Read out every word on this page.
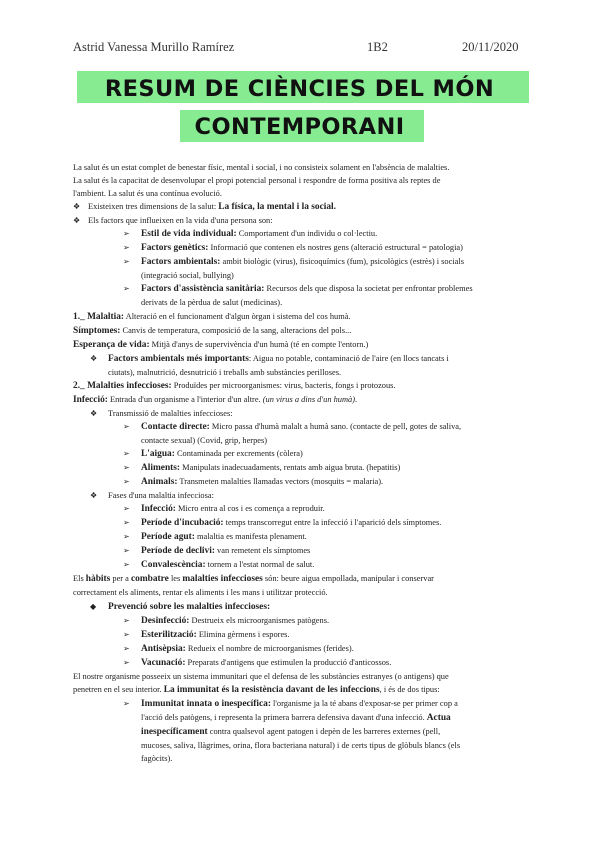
Astrid Vanessa Murillo Ramírez	1B2	20/11/2020
RESUM DE CIÈNCIES DEL MÓN
CONTEMPORANI
La salut és un estat complet de benestar físic, mental i social, i no consisteix solament en l'absència de malalties.
La salut és la capacitat de desenvolupar el propi potencial personal i respondre de forma positiva als reptes de
l'ambient. La salut és una contínua evolució.
❖ Existeixen tres dimensions de la salut: La física, la mental i la social.
❖ Els factors que influeixen en la vida d'una persona son:
➢ Estil de vida individual: Comportament d'un individu o col·lectiu.
➢ Factors genètics: Informació que contenen els nostres gens (alteració estructural = patologia)
➢ Factors ambientals: ambit biològic (virus), fisicoquímics (fum), psicològics (estrès) i socials
(integració social, bullying)
➢ Factors d'assistència sanitària: Recursos dels que disposa la societat per enfrontar problemes
derivats de la pèrdua de salut (medicinas).
1._ Malaltia: Alteració en el funcionament d'algun òrgan i sistema del cos humà.
Símptomes: Canvis de temperatura, composició de la sang, alteracions del pols...
Esperança de vida: Mitjà d'anys de supervivència d'un humà (té en compte l'entorn.)
❖ Factors ambientals més importants: Aigua no potable, contaminació de l'aire (en llocs tancats i
ciutats), malnutrició, desnutrició i treballs amb substàncies perilloses.
2._ Malalties infeccioses: Produïdes per microorganismes: virus, bacteris, fongs i protozous.
Infecció: Entrada d'un organisme a l'interior d'un altre. (un virus a dins d'un humà).
❖ Transmissió de malalties infeccioses:
➢ Contacte directe: Micro passa d'humà malalt a humà sano. (contacte de pell, gotes de saliva,
contacte sexual) (Covid, grip, herpes)
➢ L'aigua: Contaminada per excrements (còlera)
➢ Aliments: Manipulats inadecuadaments, rentats amb aigua bruta. (hepatitis)
➢ Animals: Transmeten malalties llamadas vectors (mosquits = malaria).
❖ Fases d'una malaltia infecciosa:
➢ Infecció: Micro entra al cos i es comença a reproduir.
➢ Període d'incubació: temps transcorregut entre la infecció i l'aparició dels símptomes.
➢ Període agut: malaltia es manifesta plenament.
➢ Període de declivi: van remetent els símptomes
➢ Convalescència: tornem a l'estat normal de salut.
Els hàbits per a combatre les malalties infeccioses són: beure aigua empollada, manipular i conservar
correctament els aliments, rentar els aliments i les mans i utilitzar protecció.
◆ Prevenció sobre les malalties infeccioses:
➢ Desinfecció: Destrueix els microorganismes patògens.
➢ Esterilització: Elimina gèrmens i espores.
➢ Antisèpsia: Redueix el nombre de microorganismes (ferides).
➢ Vacunació: Preparats d'antigens que estimulen la producció d'anticossos.
El nostre organisme posseeix un sistema immunitari que el defensa de les substàncies estranyes (o antigens) que
penetren en el seu interior. La immunitat és la resistència davant de les infeccions, i és de dos tipus:
➢ Immunitat innata o inespecífica: l'organisme ja la té abans d'exposar-se per primer cop a
l'acció dels patògens, i representa la primera barrera defensiva davant d'una infecció. Actua
inespecíficament contra qualsevol agent patogen i depèn de les barreres externes (pell,
mucoses, saliva, llàgrimes, orina, flora bacteriana natural) i de certs tipus de glòbuls blancs (els
fagòcits).
